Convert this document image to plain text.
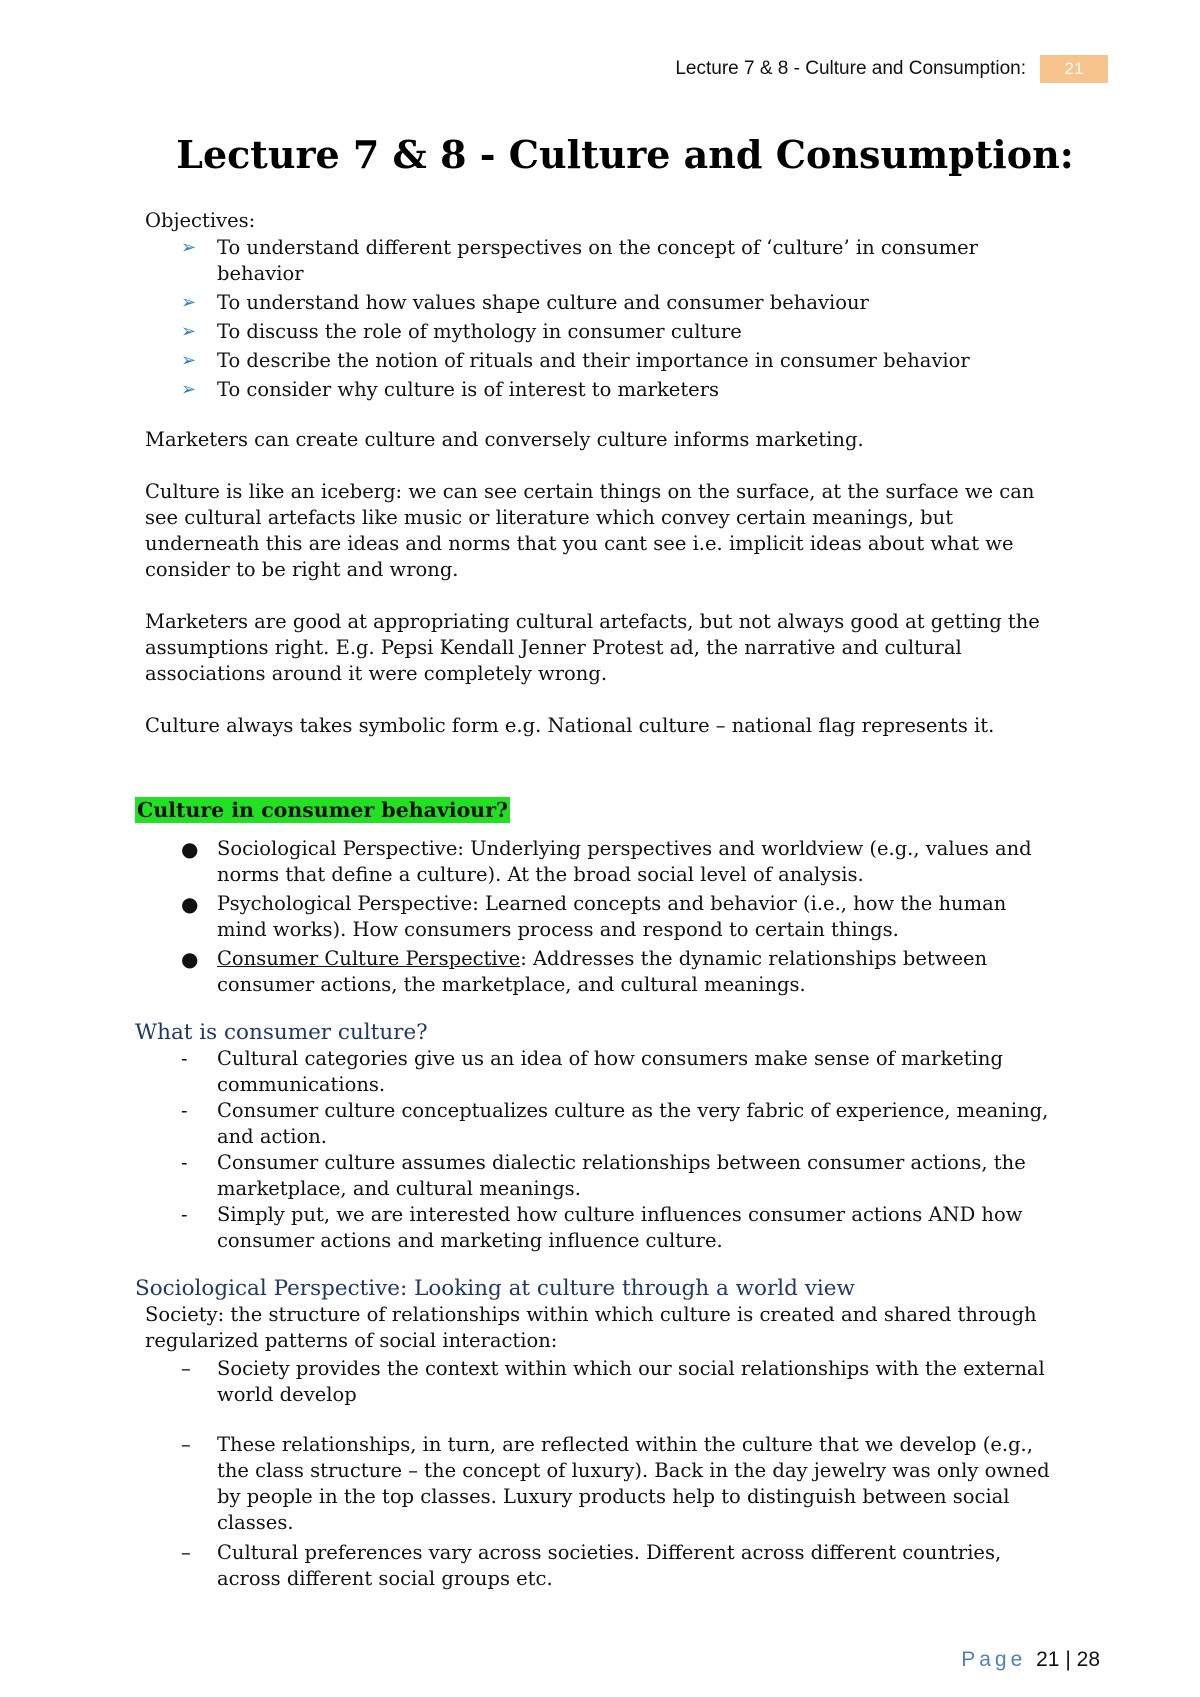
Lecture 7 & 8 - Culture and Consumption:	21
Lecture 7 & 8 - Culture and Consumption:

Objectives:

➢ To understand different perspectives on the concept of ‘culture’ in consumer behavior
➢ To understand how values shape culture and consumer behaviour
➢ To discuss the role of mythology in consumer culture
➢ To describe the notion of rituals and their importance in consumer behavior
➢ To consider why culture is of interest to marketers

Marketers can create culture and conversely culture informs marketing.

Culture is like an iceberg: we can see certain things on the surface, at the surface we can see cultural artefacts like music or literature which convey certain meanings, but underneath this are ideas and norms that you cant see i.e. implicit ideas about what we consider to be right and wrong.

Marketers are good at appropriating cultural artefacts, but not always good at getting the assumptions right. E.g. Pepsi Kendall Jenner Protest ad, the narrative and cultural associations around it were completely wrong.

Culture always takes symbolic form e.g. National culture – national flag represents it.

Culture in consumer behaviour?
● Sociological Perspective: Underlying perspectives and worldview (e.g., values and norms that define a culture). At the broad social level of analysis.
● Psychological Perspective: Learned concepts and behavior (i.e., how the human mind works). How consumers process and respond to certain things.
● Consumer Culture Perspective: Addresses the dynamic relationships between consumer actions, the marketplace, and cultural meanings.

What is consumer culture?

- Cultural categories give us an idea of how consumers make sense of marketing communications.
- Consumer culture conceptualizes culture as the very fabric of experience, meaning, and action.
- Consumer culture assumes dialectic relationships between consumer actions, the marketplace, and cultural meanings.
- Simply put, we are interested how culture influences consumer actions AND how consumer actions and marketing influence culture.

Sociological Perspective: Looking at culture through a world view

Society: the structure of relationships within which culture is created and shared through regularized patterns of social interaction:

– Society provides the context within which our social relationships with the external world develop
– These relationships, in turn, are reflected within the culture that we develop (e.g., the class structure – the concept of luxury). Back in the day jewelry was only owned by people in the top classes. Luxury products help to distinguish between social classes.
– Cultural preferences vary across societies. Different across different countries, across different social groups etc.
Page 21 | 28
